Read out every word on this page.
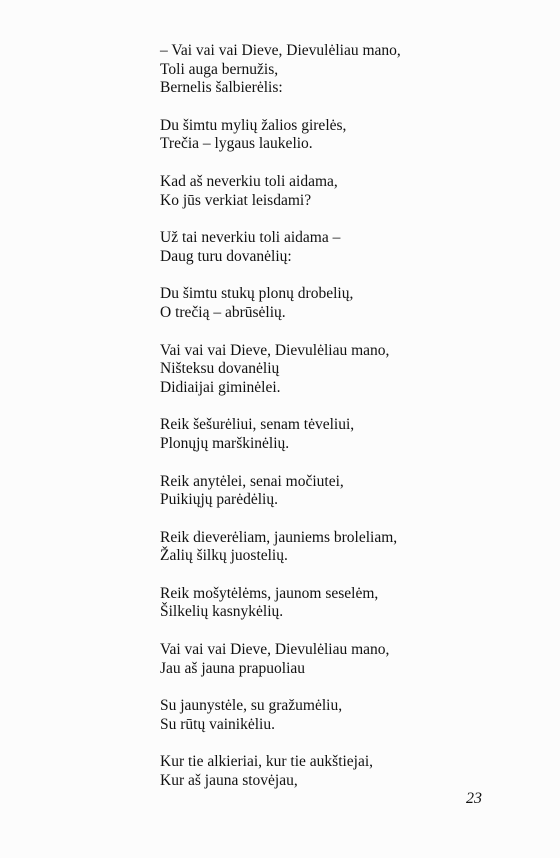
– Vai vai vai Dieve, Dievulėliau mano,
Toli auga bernužis,
Bernelis šalbierėlis:
Du šimtu mylių žalios girelės,
Trečia – lygaus laukelio.
Kad aš neverkiu toli aidama,
Ko jūs verkiat leisdami?
Už tai neverkiu toli aidama –
Daug turu dovanėlių:
Du šimtu stukų plonų drobelių,
O trečią – abrūsėlių.
Vai vai vai Dieve, Dievulėliau mano,
Ništeksu dovanėlių
Didiaijai giminėlei.
Reik šešurėliui, senam tėveliui,
Plonųjų marškinėlių.
Reik anytėlei, senai močiutei,
Puikiųjų parėdėlių.
Reik dieverėliam, jauniems broleliam,
Žalių šilkų juostelių.
Reik mošytėlėms, jaunom seselėm,
Šilkelių kasnykėlių.
Vai vai vai Dieve, Dievulėliau mano,
Jau aš jauna prapuoliau
Su jaunystėle, su gražumėliu,
Su rūtų vainikėliu.
Kur tie alkieriai, kur tie aukštiejai,
Kur aš jauna stovėjau,
23
